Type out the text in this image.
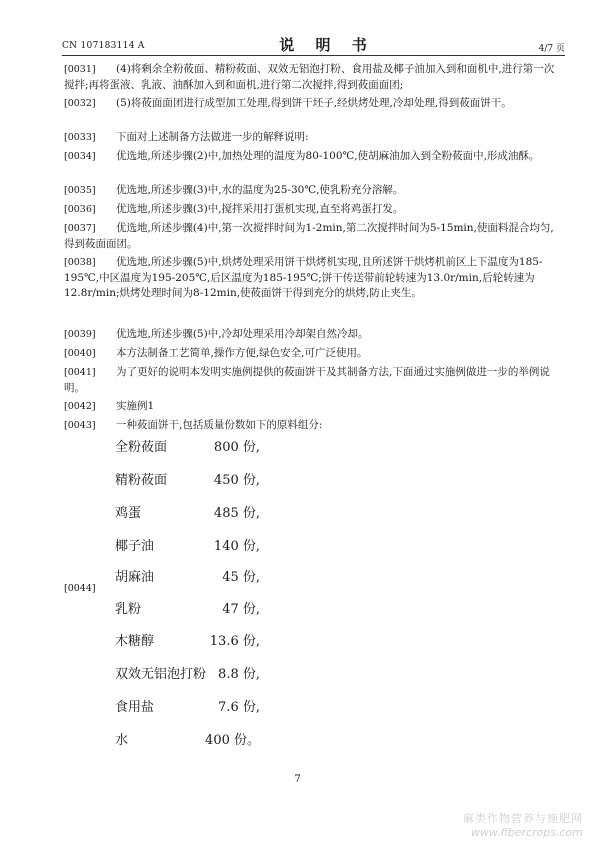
CN 107183114 A	说 明 书	4/7 页
[0031]	(4)将剩余全粉莜面、精粉莜面、双效无铝泡打粉、食用盐及椰子油加入到和面机中,进行第一次搅拌;再将蛋液、乳液、油酥加入到和面机,进行第二次搅拌,得到莜面面团;
[0032]	(5)将莜面面团进行成型加工处理,得到饼干坯子,经烘烤处理,冷却处理,得到莜面饼干。
[0033]	下面对上述制备方法做进一步的解释说明:
[0034]	优选地,所述步骤(2)中,加热处理的温度为80-100℃,使胡麻油加入到全粉莜面中,形成油酥。
[0035]	优选地,所述步骤(3)中,水的温度为25-30℃,使乳粉充分溶解。
[0036]	优选地,所述步骤(3)中,搅拌采用打蛋机实现,直至将鸡蛋打发。
[0037]	优选地,所述步骤(4)中,第一次搅拌时间为1-2min,第二次搅拌时间为5-15min,使面料混合均匀,得到莜面面团。
[0038]	优选地,所述步骤(5)中,烘烤处理采用饼干烘烤机实现,且所述饼干烘烤机前区上下温度为185-195℃,中区温度为195-205℃,后区温度为185-195℃;饼干传送带前轮转速为13.0r/min,后轮转速为12.8r/min;烘烤处理时间为8-12min,使莜面饼干得到充分的烘烤,防止夹生。
[0039]	优选地,所述步骤(5)中,冷却处理采用冷却架自然冷却。
[0040]	本方法制备工艺简单,操作方便,绿色安全,可广泛使用。
[0041]	为了更好的说明本发明实施例提供的莜面饼干及其制备方法,下面通过实施例做进一步的举例说明。
[0042]	实施例1
[0043]	一种莜面饼干,包括质量份数如下的原料组分:
全粉莜面	800 份,
精粉莜面	450 份,
鸡蛋	485 份,
椰子油	140 份,
胡麻油	45 份,
[0044]
乳粉	47 份,
木糖醇	13.6 份,
双效无铝泡打粉 8.8 份,
食用盐	7.6 份,
水	400 份。
7
麻类作物营养与施肥网
www.fibercrops.com
